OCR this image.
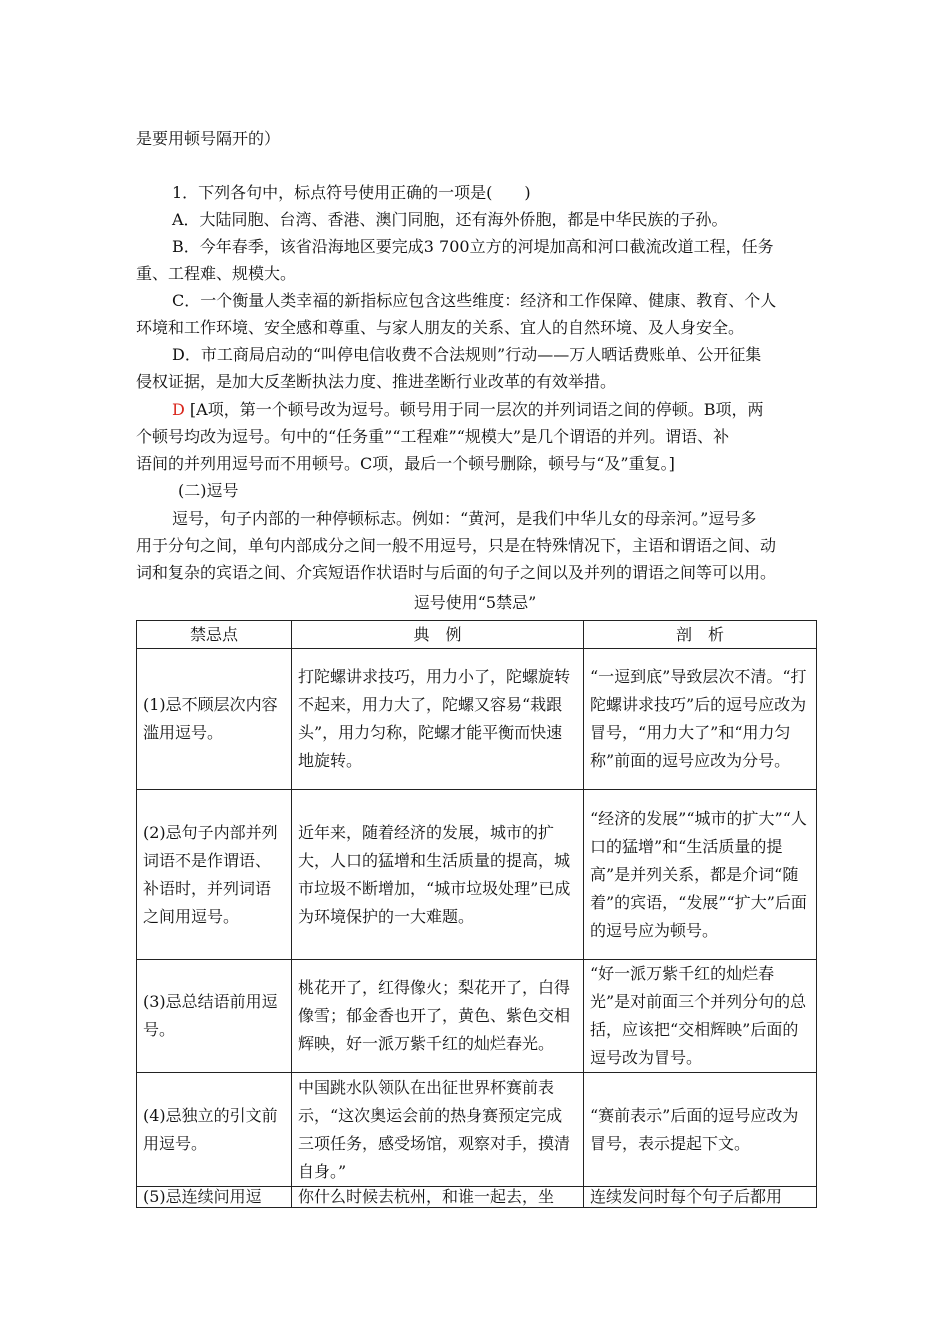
是要用顿号隔开的）
1．下列各句中，标点符号使用正确的一项是(　　)
A．大陆同胞、台湾、香港、澳门同胞，还有海外侨胞，都是中华民族的子孙。
B．今年春季，该省沿海地区要完成3 700立方的河堤加高和河口截流改道工程，任务
重、工程难、规模大。
C．一个衡量人类幸福的新指标应包含这些维度：经济和工作保障、健康、教育、个人
环境和工作环境、安全感和尊重、与家人朋友的关系、宜人的自然环境、及人身安全。
D．市工商局启动的“叫停电信收费不合法规则”行动——万人晒话费账单、公开征集
侵权证据，是加大反垄断执法力度、推进垄断行业改革的有效举措。
D [A项，第一个顿号改为逗号。顿号用于同一层次的并列词语之间的停顿。B项，两
个顿号均改为逗号。句中的“任务重”“工程难”“规模大”是几个谓语的并列。谓语、补
语间的并列用逗号而不用顿号。C项，最后一个顿号删除，顿号与“及”重复。]
(二)逗号
逗号，句子内部的一种停顿标志。例如：“黄河，是我们中华儿女的母亲河。”逗号多
用于分句之间，单句内部成分之间一般不用逗号，只是在特殊情况下，主语和谓语之间、动
词和复杂的宾语之间、介宾短语作状语时与后面的句子之间以及并列的谓语之间等可以用。
逗号使用“5禁忌”
禁忌点	典　例	剖　析
(1)忌不顾层次内容滥用逗号。	打陀螺讲求技巧，用力小了，陀螺旋转不起来，用力大了，陀螺又容易“栽跟头”，用力匀称，陀螺才能平衡而快速地旋转。	“一逗到底”导致层次不清。“打陀螺讲求技巧”后的逗号应改为冒号，“用力大了”和“用力匀称”前面的逗号应改为分号。
(2)忌句子内部并列词语不是作谓语、补语时，并列词语之间用逗号。	近年来，随着经济的发展，城市的扩大，人口的猛增和生活质量的提高，城市垃圾不断增加，“城市垃圾处理”已成为环境保护的一大难题。	“经济的发展”“城市的扩大”“人口的猛增”和“生活质量的提高”是并列关系，都是介词“随着”的宾语，“发展”“扩大”后面的逗号应为顿号。
(3)忌总结语前用逗号。	桃花开了，红得像火；梨花开了，白得像雪；郁金香也开了，黄色、紫色交相辉映，好一派万紫千红的灿烂春光。	“好一派万紫千红的灿烂春光”是对前面三个并列分句的总括，应该把“交相辉映”后面的逗号改为冒号。
(4)忌独立的引文前用逗号。	中国跳水队领队在出征世界杯赛前表示，“这次奥运会前的热身赛预定完成三项任务，感受场馆，观察对手，摸清自身。”	“赛前表示”后面的逗号应改为冒号，表示提起下文。
(5)忌连续问用逗	你什么时候去杭州，和谁一起去，坐	连续发问时每个句子后都用
